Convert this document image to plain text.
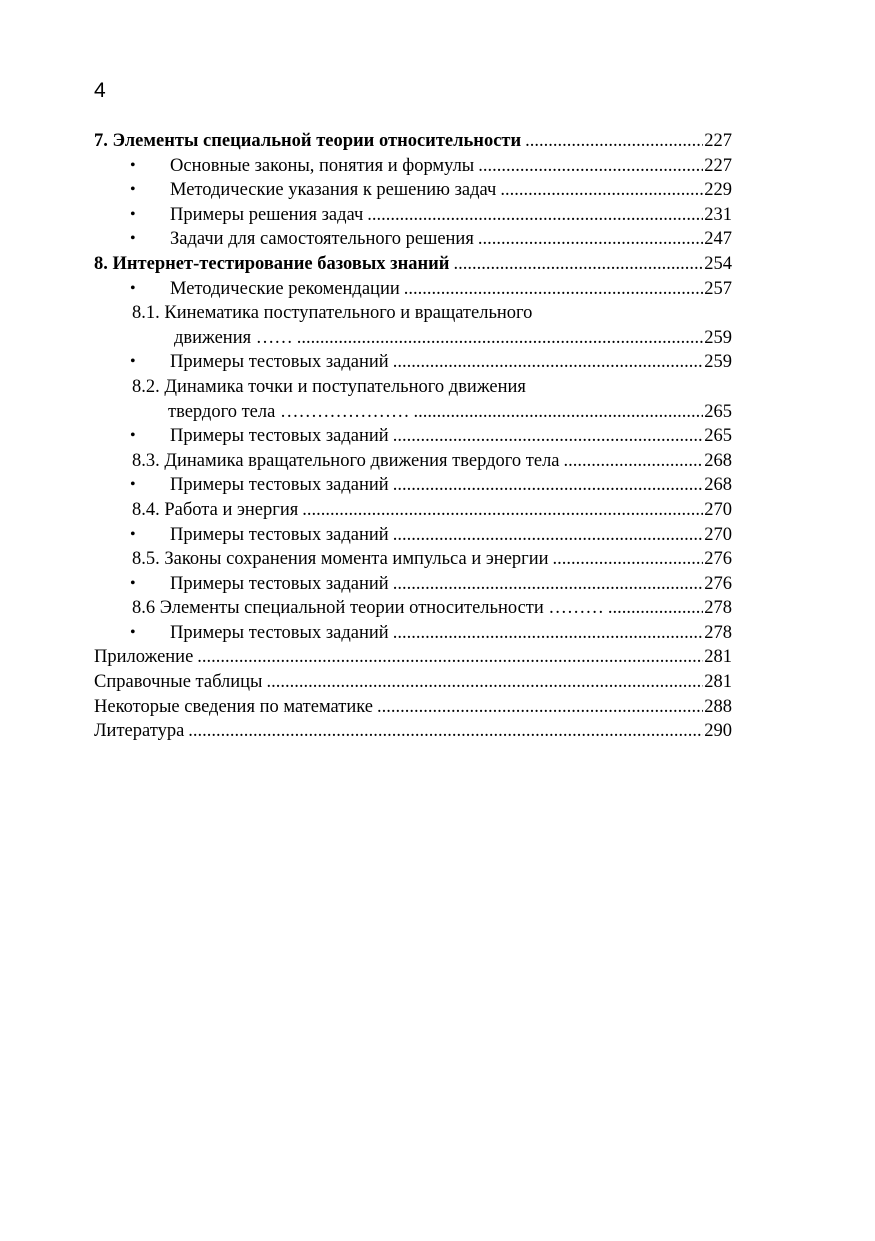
4
7. Элементы специальной теории относительности .....	227
• Основные законы, понятия и формулы .....	227
• Методические указания к решению задач .....	229
• Примеры решения задач .....	231
• Задачи для самостоятельного решения .....	247
8. Интернет-тестирование базовых знаний .....	254
• Методические рекомендации .....	257
8.1. Кинематика поступательного и вращательного
движения …… .....	259
• Примеры тестовых заданий .....	259
8.2. Динамика точки и поступательного движения
твердого тела ………………… .....	265
• Примеры тестовых заданий .....	265
8.3. Динамика вращательного движения твердого тела .....	268
• Примеры тестовых заданий .....	268
8.4. Работа и энергия .....	270
• Примеры тестовых заданий .....	270
8.5. Законы сохранения момента импульса и энергии .....	276
• Примеры тестовых заданий .....	276
8.6 Элементы специальной теории относительности ……… .....	278
• Примеры тестовых заданий .....	278
Приложение .....	281
Справочные таблицы .....	281
Некоторые сведения по математике .....	288
Литература .....	290
